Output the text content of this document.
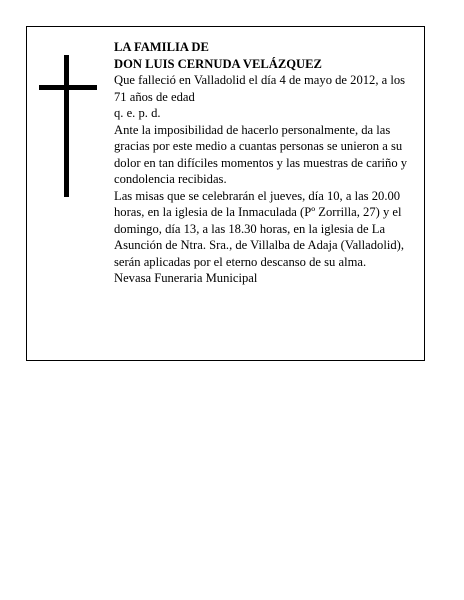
LA FAMILIA DE

DON LUIS CERNUDA VELÁZQUEZ

Que falleció en Valladolid el día 4 de mayo de 2012, a los 71 años de edad

q. e. p. d.

Ante la imposibilidad de hacerlo personalmente, da las gracias por este medio a cuantas personas se unieron a su dolor en tan difíciles momentos y las muestras de cariño y condolencia recibidas.

Las misas que se celebrarán el jueves, día 10, a las 20.00 horas, en la iglesia de la Inmaculada (Pº Zorrilla, 27) y el domingo, día 13, a las 18.30 horas, en la iglesia de La Asunción de Ntra. Sra., de Villalba de Adaja (Valladolid), serán aplicadas por el eterno descanso de su alma.

Nevasa Funeraria Municipal
